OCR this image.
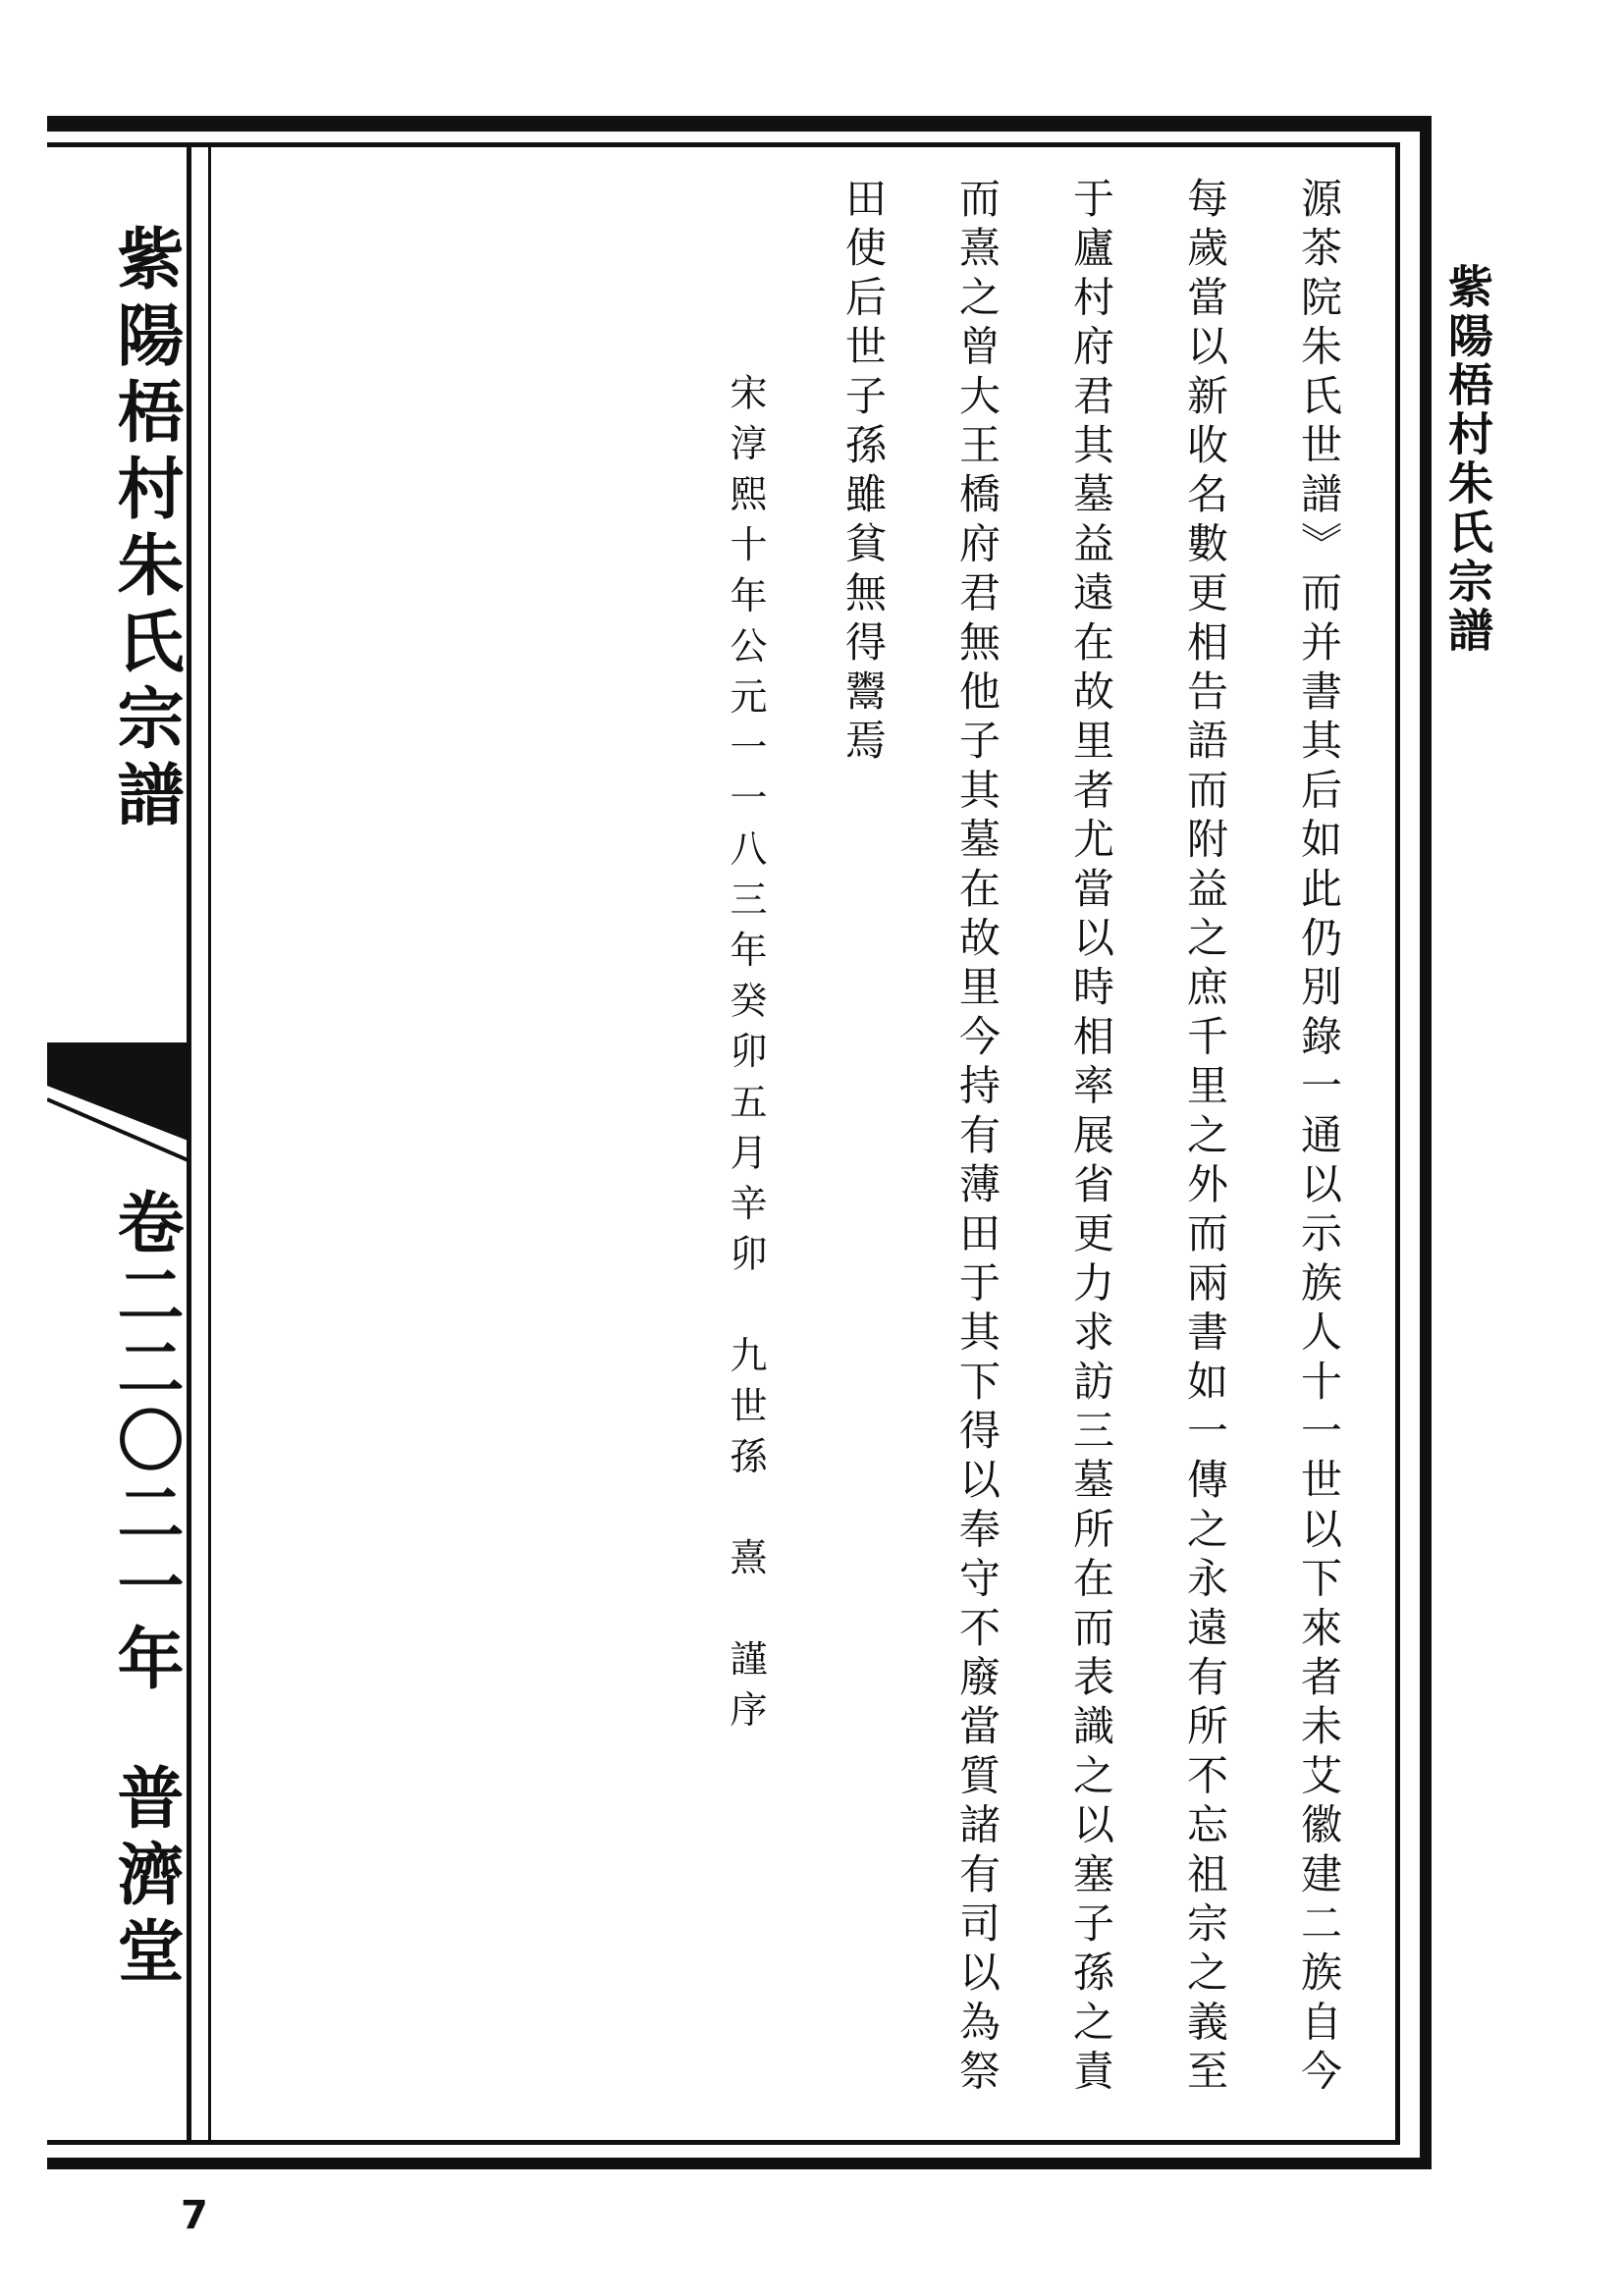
紫陽梧村朱氏宗譜
卷二二〇二一年
普濟堂
紫陽梧村朱氏宗譜
源茶院朱氏世譜》而并書其后如此仍別錄一通以示族人十一世以下來者未艾徽建二族自今
每歲當以新收名數更相告語而附益之庶千里之外而兩書如一傳之永遠有所不忘祖宗之義至
于廬村府君其墓益遠在故里者尤當以時相率展省更力求訪三墓所在而表識之以塞子孫之責
而熹之曾大王橋府君無他子其墓在故里今持有薄田于其下得以奉守不廢當質諸有司以為祭
田使后世子孫雖貧無得鬻焉
宋淳熙十年公元一一八三年癸卯五月辛卯　九世孫　熹　謹序
7
